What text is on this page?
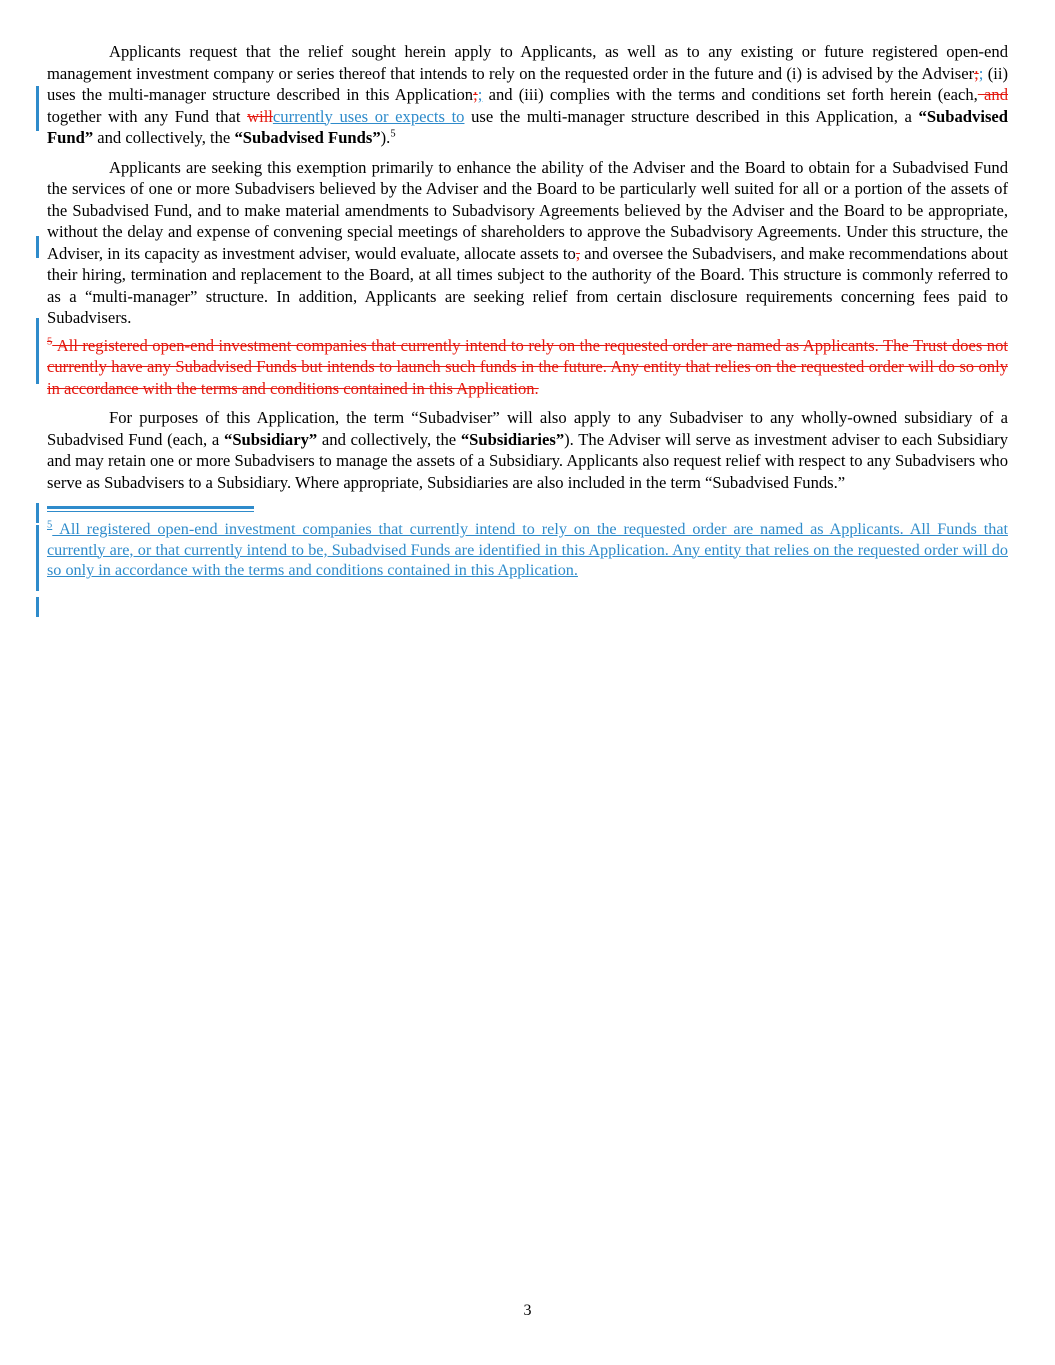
Applicants request that the relief sought herein apply to Applicants, as well as to any existing or future registered open-end management investment company or series thereof that intends to rely on the requested order in the future and (i) is advised by the Adviser;; (ii) uses the multi-manager structure described in this Application;; and (iii) complies with the terms and conditions set forth herein (each, and together with any Fund that willcurrently uses or expects to use the multi-manager structure described in this Application, a “Subadvised Fund” and collectively, the “Subadvised Funds”).$^5$

Applicants are seeking this exemption primarily to enhance the ability of the Adviser and the Board to obtain for a Subadvised Fund the services of one or more Subadvisers believed by the Adviser and the Board to be particularly well suited for all or a portion of the assets of the Subadvised Fund, and to make material amendments to Subadvisory Agreements believed by the Adviser and the Board to be appropriate, without the delay and expense of convening special meetings of shareholders to approve the Subadvisory Agreements. Under this structure, the Adviser, in its capacity as investment adviser, would evaluate, allocate assets to, and oversee the Subadvisers, and make recommendations about their hiring, termination and replacement to the Board, at all times subject to the authority of the Board. This structure is commonly referred to as a “multi-manager” structure. In addition, Applicants are seeking relief from certain disclosure requirements concerning fees paid to Subadvisers.

$^5$ All registered open-end investment companies that currently intend to rely on the requested order are named as Applicants. The Trust does not currently have any Subadvised Funds but intends to launch such funds in the future. Any entity that relies on the requested order will do so only in accordance with the terms and conditions contained in this Application.

For purposes of this Application, the term “Subadviser” will also apply to any Subadviser to any wholly-owned subsidiary of a Subadvised Fund (each, a “Subsidiary” and collectively, the “Subsidiaries”). The Adviser will serve as investment adviser to each Subsidiary and may retain one or more Subadvisers to manage the assets of a Subsidiary. Applicants also request relief with respect to any Subadvisers who serve as Subadvisers to a Subsidiary. Where appropriate, Subsidiaries are also included in the term “Subadvised Funds.”

$^5$ All registered open-end investment companies that currently intend to rely on the requested order are named as Applicants. All Funds that currently are, or that currently intend to be, Subadvised Funds are identified in this Application. Any entity that relies on the requested order will do so only in accordance with the terms and conditions contained in this Application.

3
